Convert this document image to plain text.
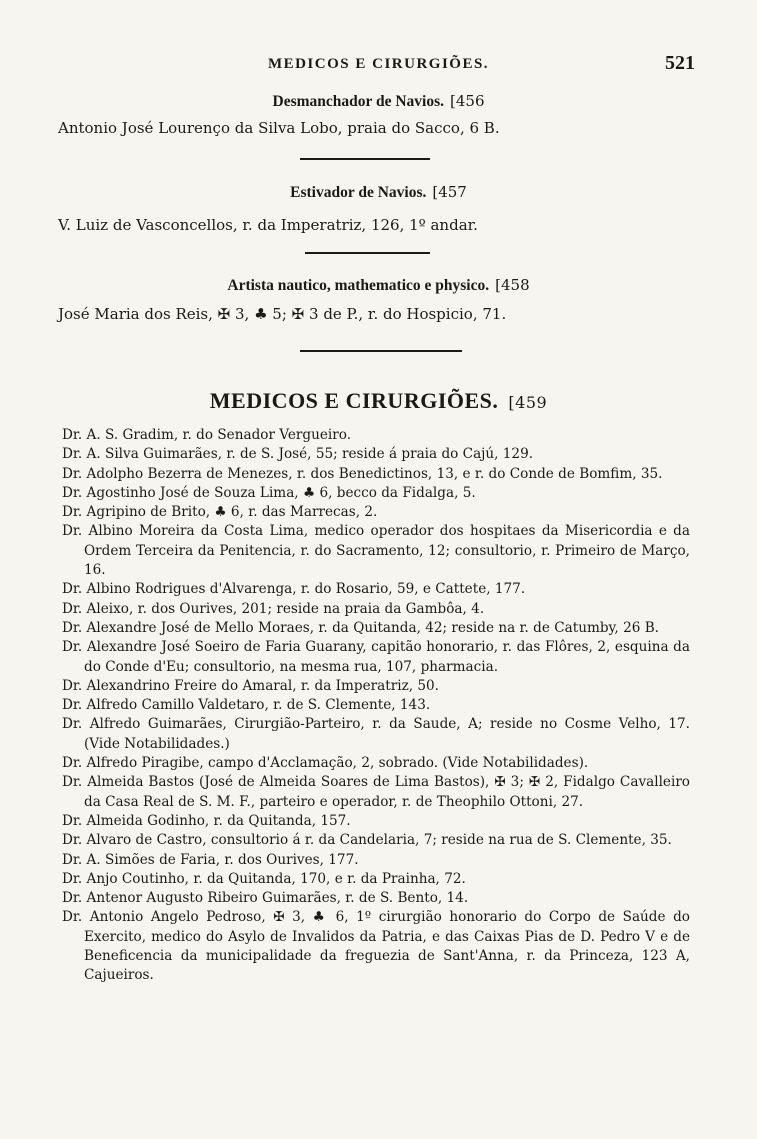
MEDICOS E CIRURGIÕES.	521
Desmanchador de Navios. [456
Antonio José Lourenço da Silva Lobo, praia do Sacco, 6 B.
Estivador de Navios. [457
V. Luiz de Vasconcellos, r. da Imperatriz, 126, 1º andar.
Artista nautico, mathematico e physico. [458
José Maria dos Reis, ✠ 3, ♣ 5; ✠ 3 de P., r. do Hospicio, 71.
MEDICOS E CIRURGIÕES. [459
Dr. A. S. Gradim, r. do Senador Vergueiro.
Dr. A. Silva Guimarães, r. de S. José, 55; reside á praia do Cajú, 129.
Dr. Adolpho Bezerra de Menezes, r. dos Benedictinos, 13, e r. do Conde de Bomfim, 35.
Dr. Agostinho José de Souza Lima, ♣ 6, becco da Fidalga, 5.
Dr. Agripino de Brito, ♣ 6, r. das Marrecas, 2.
Dr. Albino Moreira da Costa Lima, medico operador dos hospitaes da Misericordia e da Ordem Terceira da Penitencia, r. do Sacramento, 12; consultorio, r. Primeiro de Março, 16.
Dr. Albino Rodrigues d'Alvarenga, r. do Rosario, 59, e Cattete, 177.
Dr. Aleixo, r. dos Ourives, 201; reside na praia da Gambôa, 4.
Dr. Alexandre José de Mello Moraes, r. da Quitanda, 42; reside na r. de Catumby, 26 B.
Dr. Alexandre José Soeiro de Faria Guarany, capitão honorario, r. das Flôres, 2, esquina da do Conde d'Eu; consultorio, na mesma rua, 107, pharmacia.
Dr. Alexandrino Freire do Amaral, r. da Imperatriz, 50.
Dr. Alfredo Camillo Valdetaro, r. de S. Clemente, 143.
Dr. Alfredo Guimarães, Cirurgião-Parteiro, r. da Saude, A; reside no Cosme Velho, 17. (Vide Notabilidades.)
Dr. Alfredo Piragibe, campo d'Acclamação, 2, sobrado. (Vide Notabilidades).
Dr. Almeida Bastos (José de Almeida Soares de Lima Bastos), ✠ 3; ✠ 2, Fidalgo Cavalleiro da Casa Real de S. M. F., parteiro e operador, r. de Theophilo Ottoni, 27.
Dr. Almeida Godinho, r. da Quitanda, 157.
Dr. Alvaro de Castro, consultorio á r. da Candelaria, 7; reside na rua de S. Clemente, 35.
Dr. A. Simões de Faria, r. dos Ourives, 177.
Dr. Anjo Coutinho, r. da Quitanda, 170, e r. da Prainha, 72.
Dr. Antenor Augusto Ribeiro Guimarães, r. de S. Bento, 14.
Dr. Antonio Angelo Pedroso, ✠ 3, ♣ 6, 1º cirurgião honorario do Corpo de Saúde do Exercito, medico do Asylo de Invalidos da Patria, e das Caixas Pias de D. Pedro V e de Beneficencia da municipalidade da freguezia de Sant'Anna, r. da Princeza, 123 A, Cajueiros.
